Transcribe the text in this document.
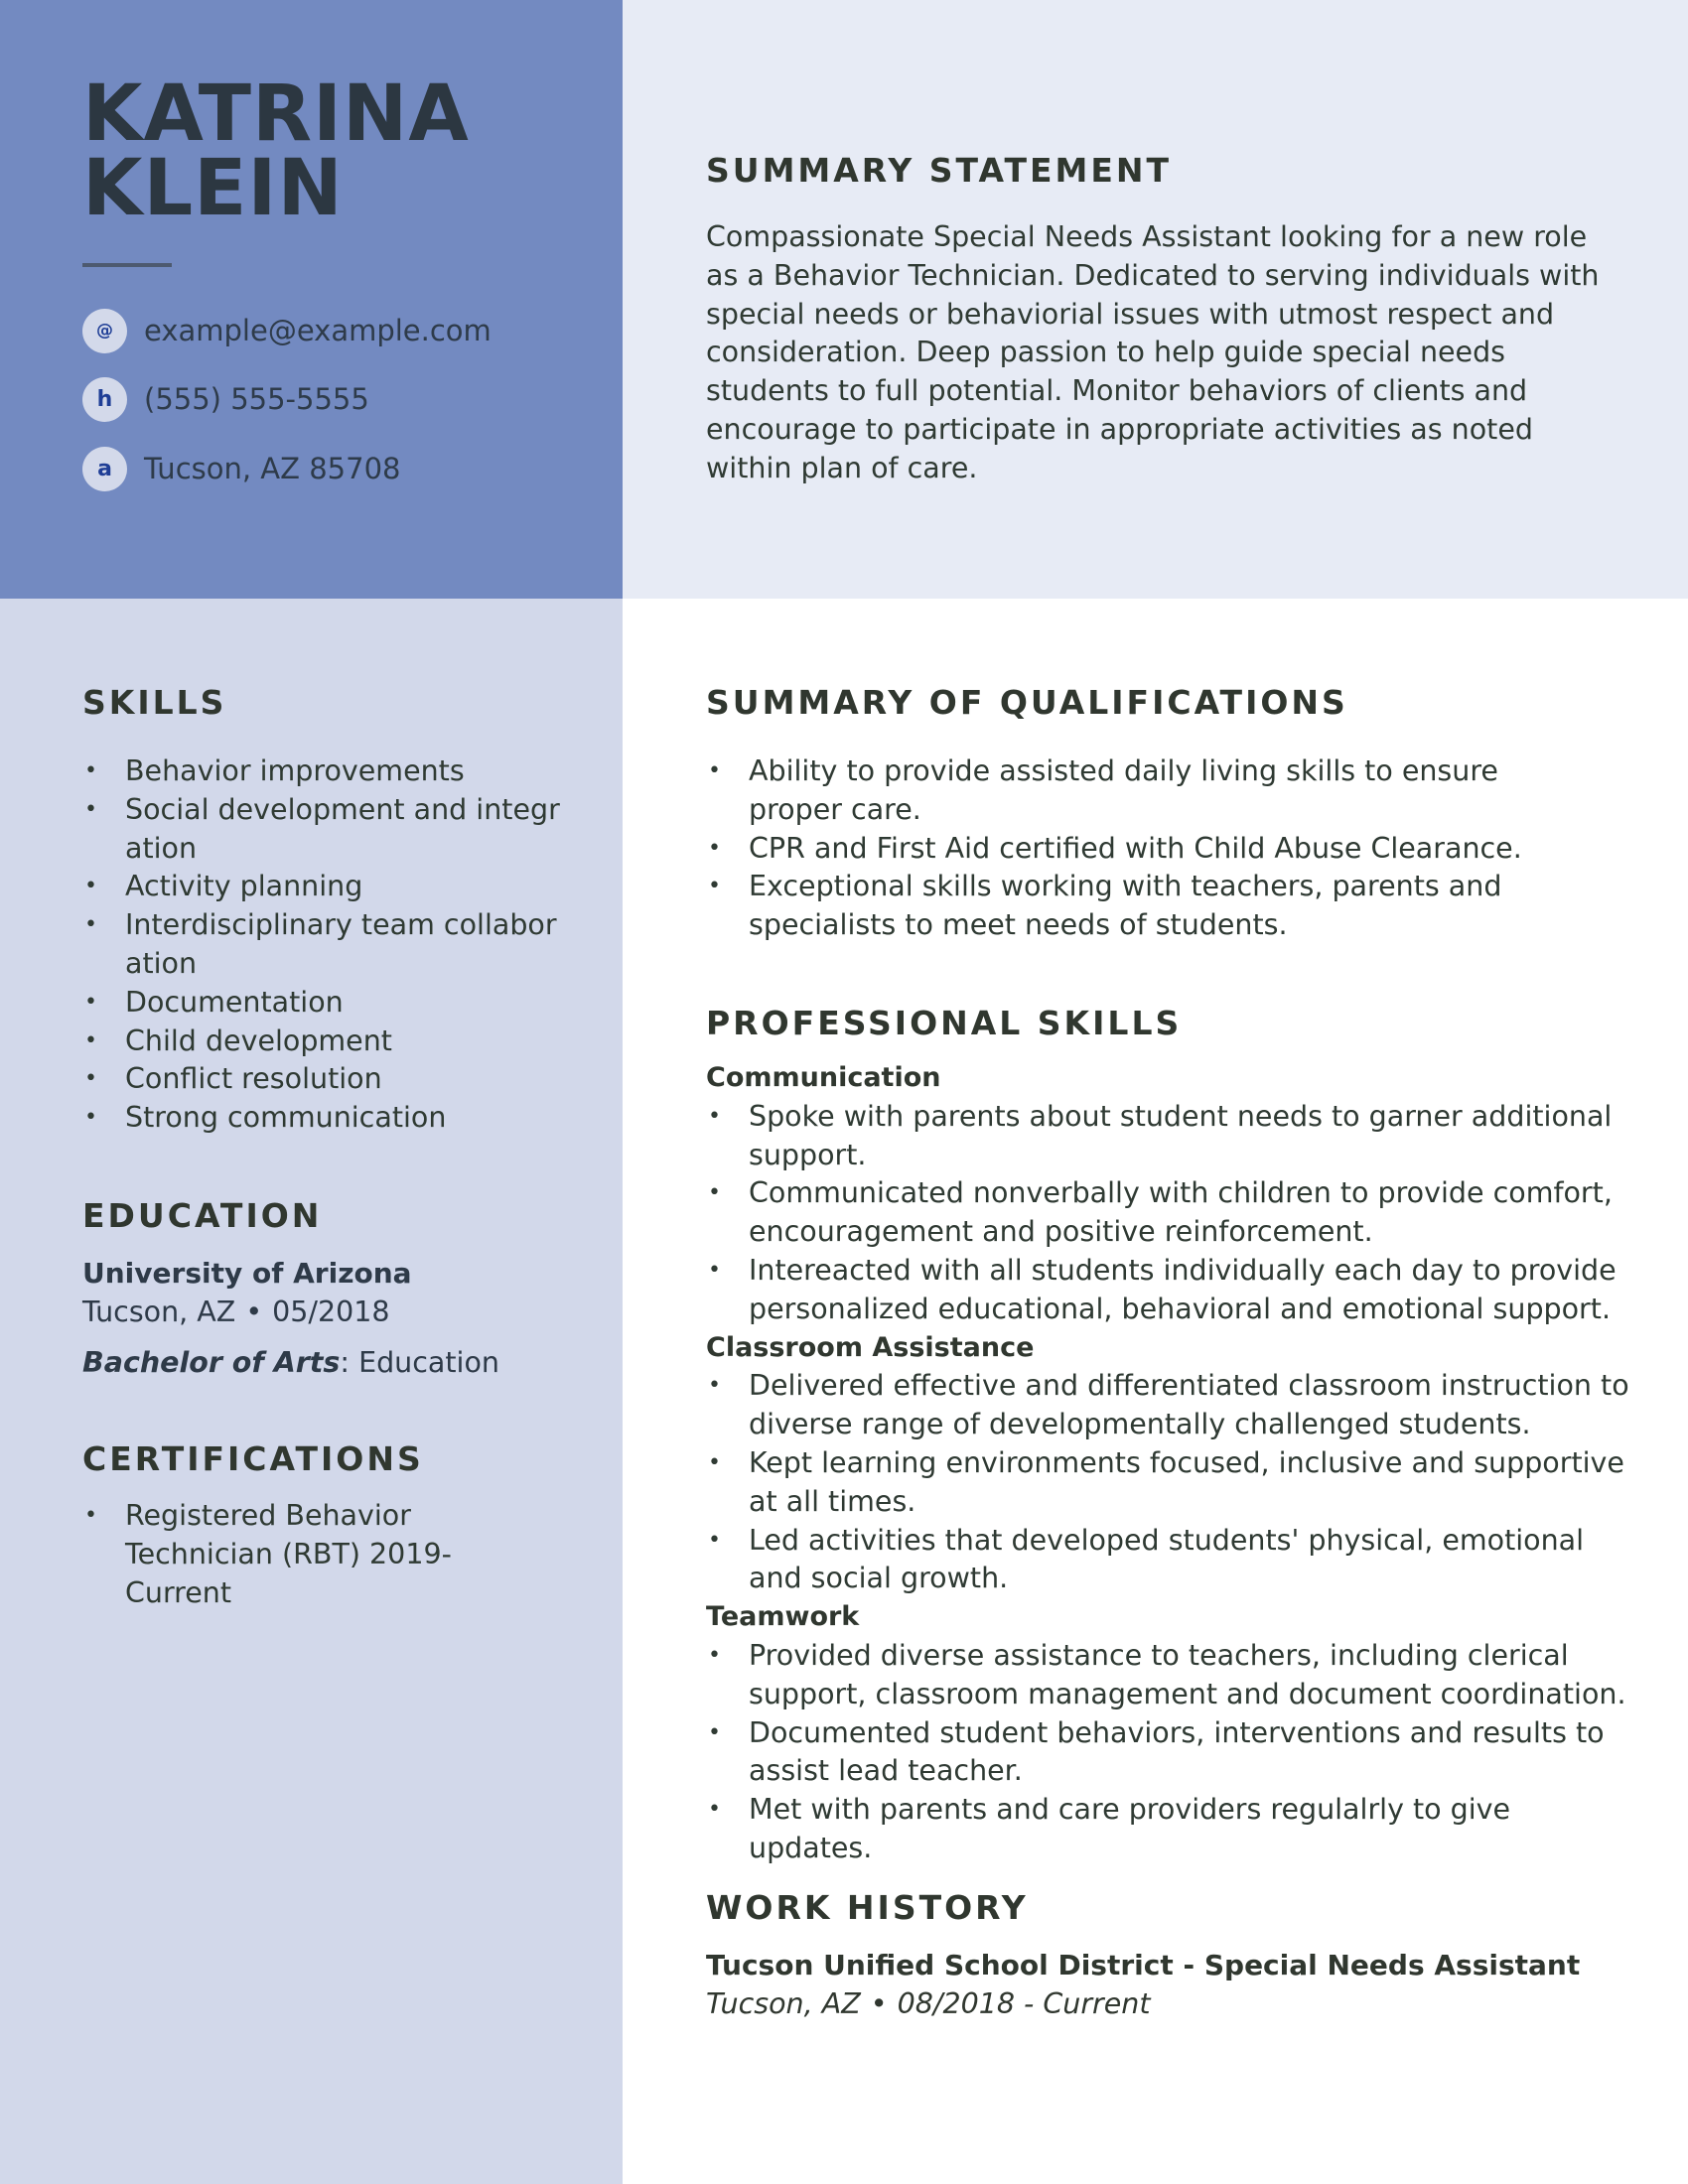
KATRINA
KLEIN
@	example@example.com
h	(555) 555-5555
a	Tucson, AZ 85708
SUMMARY STATEMENT
Compassionate Special Needs Assistant looking for a new role as a Behavior Technician. Dedicated to serving individuals with special needs or behaviorial issues with utmost respect and consideration. Deep passion to help guide special needs students to full potential. Monitor behaviors of clients and encourage to participate in appropriate activities as noted within plan of care.
SKILLS
• Behavior improvements
• Social development and integration
• Activity planning
• Interdisciplinary team collaboration
• Documentation
• Child development
• Conflict resolution
• Strong communication
EDUCATION
University of Arizona
Tucson, AZ • 05/2018
Bachelor of Arts: Education
CERTIFICATIONS
• Registered Behavior Technician (RBT) 2019-Current
SUMMARY OF QUALIFICATIONS
• Ability to provide assisted daily living skills to ensure proper care.
• CPR and First Aid certified with Child Abuse Clearance.
• Exceptional skills working with teachers, parents and specialists to meet needs of students.
PROFESSIONAL SKILLS
Communication
• Spoke with parents about student needs to garner additional support.
• Communicated nonverbally with children to provide comfort, encouragement and positive reinforcement.
• Intereacted with all students individually each day to provide personalized educational, behavioral and emotional support.
Classroom Assistance
• Delivered effective and differentiated classroom instruction to diverse range of developmentally challenged students.
• Kept learning environments focused, inclusive and supportive at all times.
• Led activities that developed students' physical, emotional and social growth.
Teamwork
• Provided diverse assistance to teachers, including clerical support, classroom management and document coordination.
• Documented student behaviors, interventions and results to assist lead teacher.
• Met with parents and care providers regulalrly to give updates.
WORK HISTORY
Tucson Unified School District - Special Needs Assistant
Tucson, AZ • 08/2018 - Current
